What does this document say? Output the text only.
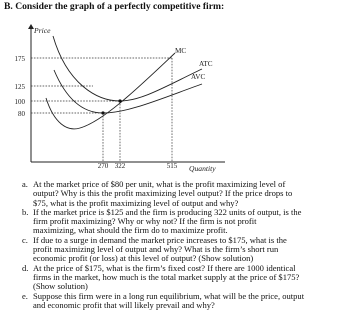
B. Consider the graph of a perfectly competitive firm:
Price
Quantity
175
125
100
80
270 322	515
MC
ATC
AVC
a. At the market price of $80 per unit, what is the profit maximizing level of
output? Why is this the profit maximizing level output? If the price drops to
$75, what is the profit maximizing level of output and why?
b. If the market price is $125 and the firm is producing 322 units of output, is the
firm profit maximizing? Why or why not? If the firm is not profit
maximizing, what should the firm do to maximize profit.
c. If due to a surge in demand the market price increases to $175, what is the
profit maximizing level of output and why? What is the firm’s short run
economic profit (or loss) at this level of output? (Show solution)
d. At the price of $175, what is the firm’s fixed cost? If there are 1000 identical
firms in the market, how much is the total market supply at the price of $175?
(Show solution)
e. Suppose this firm were in a long run equilibrium, what will be the price, output
and economic profit that will likely prevail and why?
